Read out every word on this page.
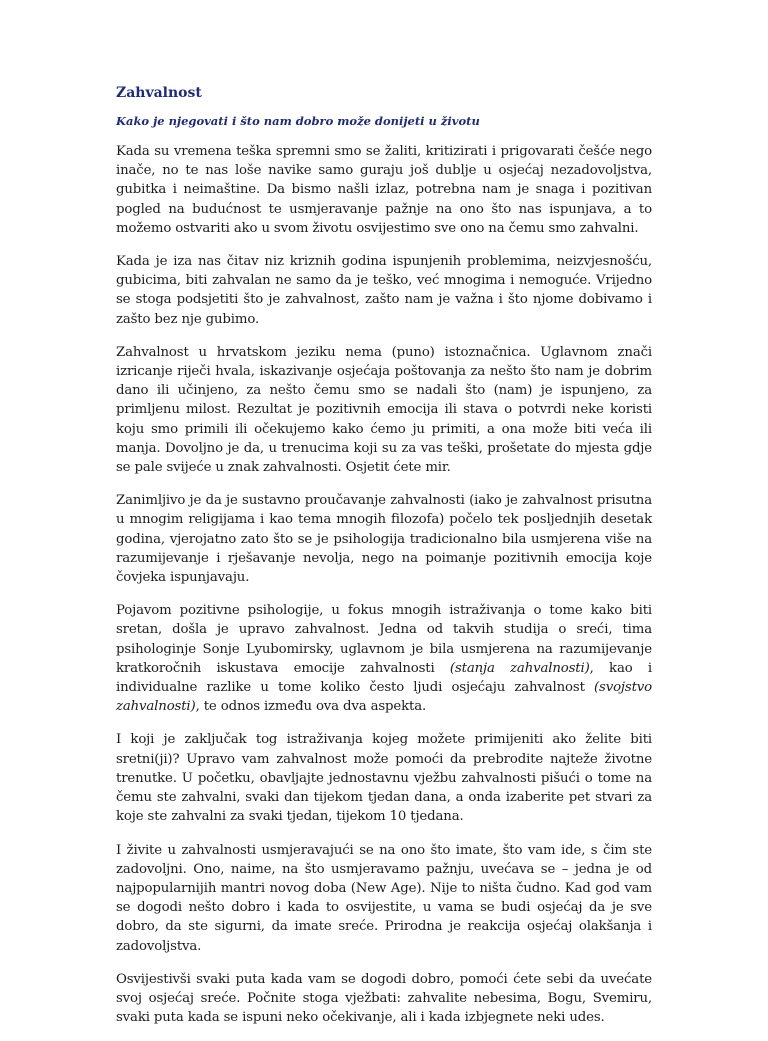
Zahvalnost

Kako je njegovati i što nam dobro može donijeti u životu

Kada su vremena teška spremni smo se žaliti, kritizirati i prigovarati češće nego inače, no te nas loše navike samo guraju još dublje u osjećaj nezadovoljstva, gubitka i neimaštine. Da bismo našli izlaz, potrebna nam je snaga i pozitivan pogled na budućnost te usmjeravanje pažnje na ono što nas ispunjava, a to možemo ostvariti ako u svom životu osvijestimo sve ono na čemu smo zahvalni.

Kada je iza nas čitav niz kriznih godina ispunjenih problemima, neizvjesnošću, gubicima, biti zahvalan ne samo da je teško, već mnogima i nemoguće. Vrijedno se stoga podsjetiti što je zahvalnost, zašto nam je važna i što njome dobivamo i zašto bez nje gubimo.

Zahvalnost u hrvatskom jeziku nema (puno) istoznačnica. Uglavnom znači izricanje riječi hvala, iskazivanje osjećaja poštovanja za nešto što nam je dobrim dano ili učinjeno, za nešto čemu smo se nadali što (nam) je ispunjeno, za primljenu milost. Rezultat je pozitivnih emocija ili stava o potvrdi neke koristi koju smo primili ili očekujemo kako ćemo ju primiti, a ona može biti veća ili manja. Dovoljno je da, u trenucima koji su za vas teški, prošetate do mjesta gdje se pale svijeće u znak zahvalnosti. Osjetit ćete mir.

Zanimljivo je da je sustavno proučavanje zahvalnosti (iako je zahvalnost prisutna u mnogim religijama i kao tema mnogih filozofa) počelo tek posljednjih desetak godina, vjerojatno zato što se je psihologija tradicionalno bila usmjerena više na razumijevanje i rješavanje nevolja, nego na poimanje pozitivnih emocija koje čovjeka ispunjavaju.

Pojavom pozitivne psihologije, u fokus mnogih istraživanja o tome kako biti sretan, došla je upravo zahvalnost. Jedna od takvih studija o sreći, tima psihologinje Sonje Lyubomirsky, uglavnom je bila usmjerena na razumijevanje kratkoročnih iskustava emocije zahvalnosti (stanja zahvalnosti), kao i individualne razlike u tome koliko često ljudi osjećaju zahvalnost (svojstvo zahvalnosti), te odnos između ova dva aspekta.

I koji je zaključak tog istraživanja kojeg možete primijeniti ako želite biti sretni(ji)? Upravo vam zahvalnost može pomoći da prebrodite najteže životne trenutke. U početku, obavljajte jednostavnu vježbu zahvalnosti pišući o tome na čemu ste zahvalni, svaki dan tijekom tjedan dana, a onda izaberite pet stvari za koje ste zahvalni za svaki tjedan, tijekom 10 tjedana.

I živite u zahvalnosti usmjeravajući se na ono što imate, što vam ide, s čim ste zadovoljni. Ono, naime, na što usmjeravamo pažnju, uvećava se – jedna je od najpopularnijih mantri novog doba (New Age). Nije to ništa čudno. Kad god vam se dogodi nešto dobro i kada to osvijestite, u vama se budi osjećaj da je sve dobro, da ste sigurni, da imate sreće. Prirodna je reakcija osjećaj olakšanja i zadovoljstva.

Osvijestivši svaki puta kada vam se dogodi dobro, pomoći ćete sebi da uvećate svoj osjećaj sreće. Počnite stoga vježbati: zahvalite nebesima, Bogu, Svemiru, svaki puta kada se ispuni neko očekivanje, ali i kada izbjegnete neki udes.
